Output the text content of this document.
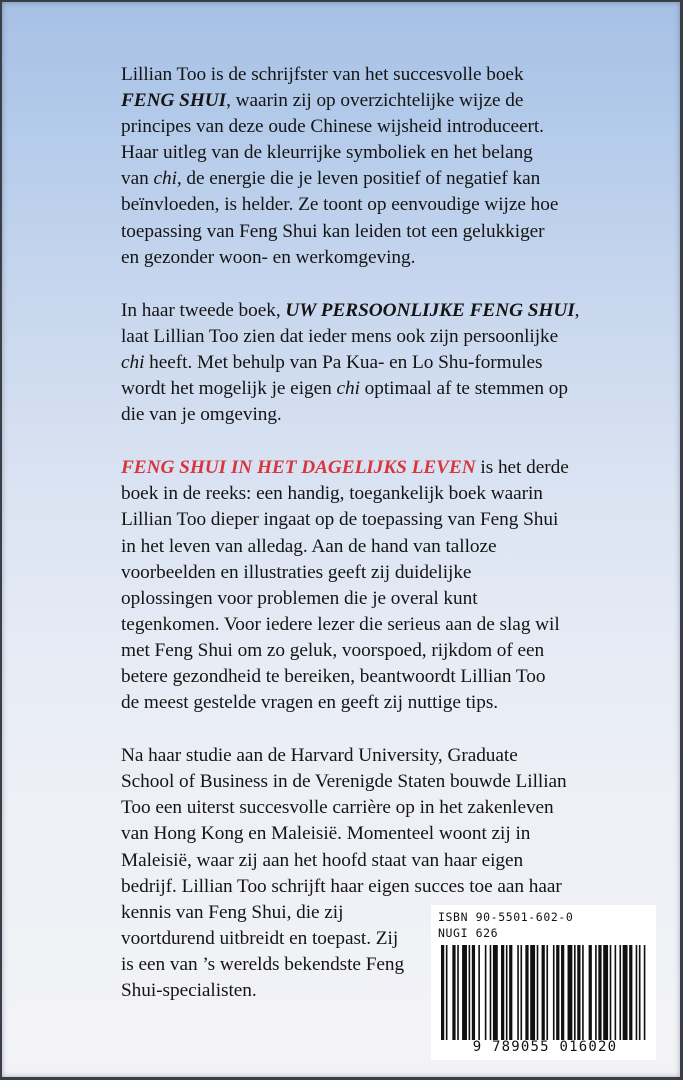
Lillian Too is de schrijfster van het succesvolle boek
FENG SHUI, waarin zij op overzichtelijke wijze de
principes van deze oude Chinese wijsheid introduceert.
Haar uitleg van de kleurrijke symboliek en het belang
van chi, de energie die je leven positief of negatief kan
beïnvloeden, is helder. Ze toont op eenvoudige wijze hoe
toepassing van Feng Shui kan leiden tot een gelukkiger
en gezonder woon- en werkomgeving.

In haar tweede boek, UW PERSOONLIJKE FENG SHUI,
laat Lillian Too zien dat ieder mens ook zijn persoonlijke
chi heeft. Met behulp van Pa Kua- en Lo Shu-formules
wordt het mogelijk je eigen chi optimaal af te stemmen op
die van je omgeving.

FENG SHUI IN HET DAGELIJKS LEVEN is het derde
boek in de reeks: een handig, toegankelijk boek waarin
Lillian Too dieper ingaat op de toepassing van Feng Shui
in het leven van alledag. Aan de hand van talloze
voorbeelden en illustraties geeft zij duidelijke
oplossingen voor problemen die je overal kunt
tegenkomen. Voor iedere lezer die serieus aan de slag wil
met Feng Shui om zo geluk, voorspoed, rijkdom of een
betere gezondheid te bereiken, beantwoordt Lillian Too
de meest gestelde vragen en geeft zij nuttige tips.

Na haar studie aan de Harvard University, Graduate
School of Business in de Verenigde Staten bouwde Lillian
Too een uiterst succesvolle carrière op in het zakenleven
van Hong Kong en Maleisië. Momenteel woont zij in
Maleisië, waar zij aan het hoofd staat van haar eigen
bedrijf. Lillian Too schrijft haar eigen succes toe aan haar
kennis van Feng Shui, die zij
voortdurend uitbreidt en toepast. Zij
is een van ’s werelds bekendste Feng
Shui-specialisten.

ISBN 90-5501-602-0
NUGI 626
9 789055 016020
